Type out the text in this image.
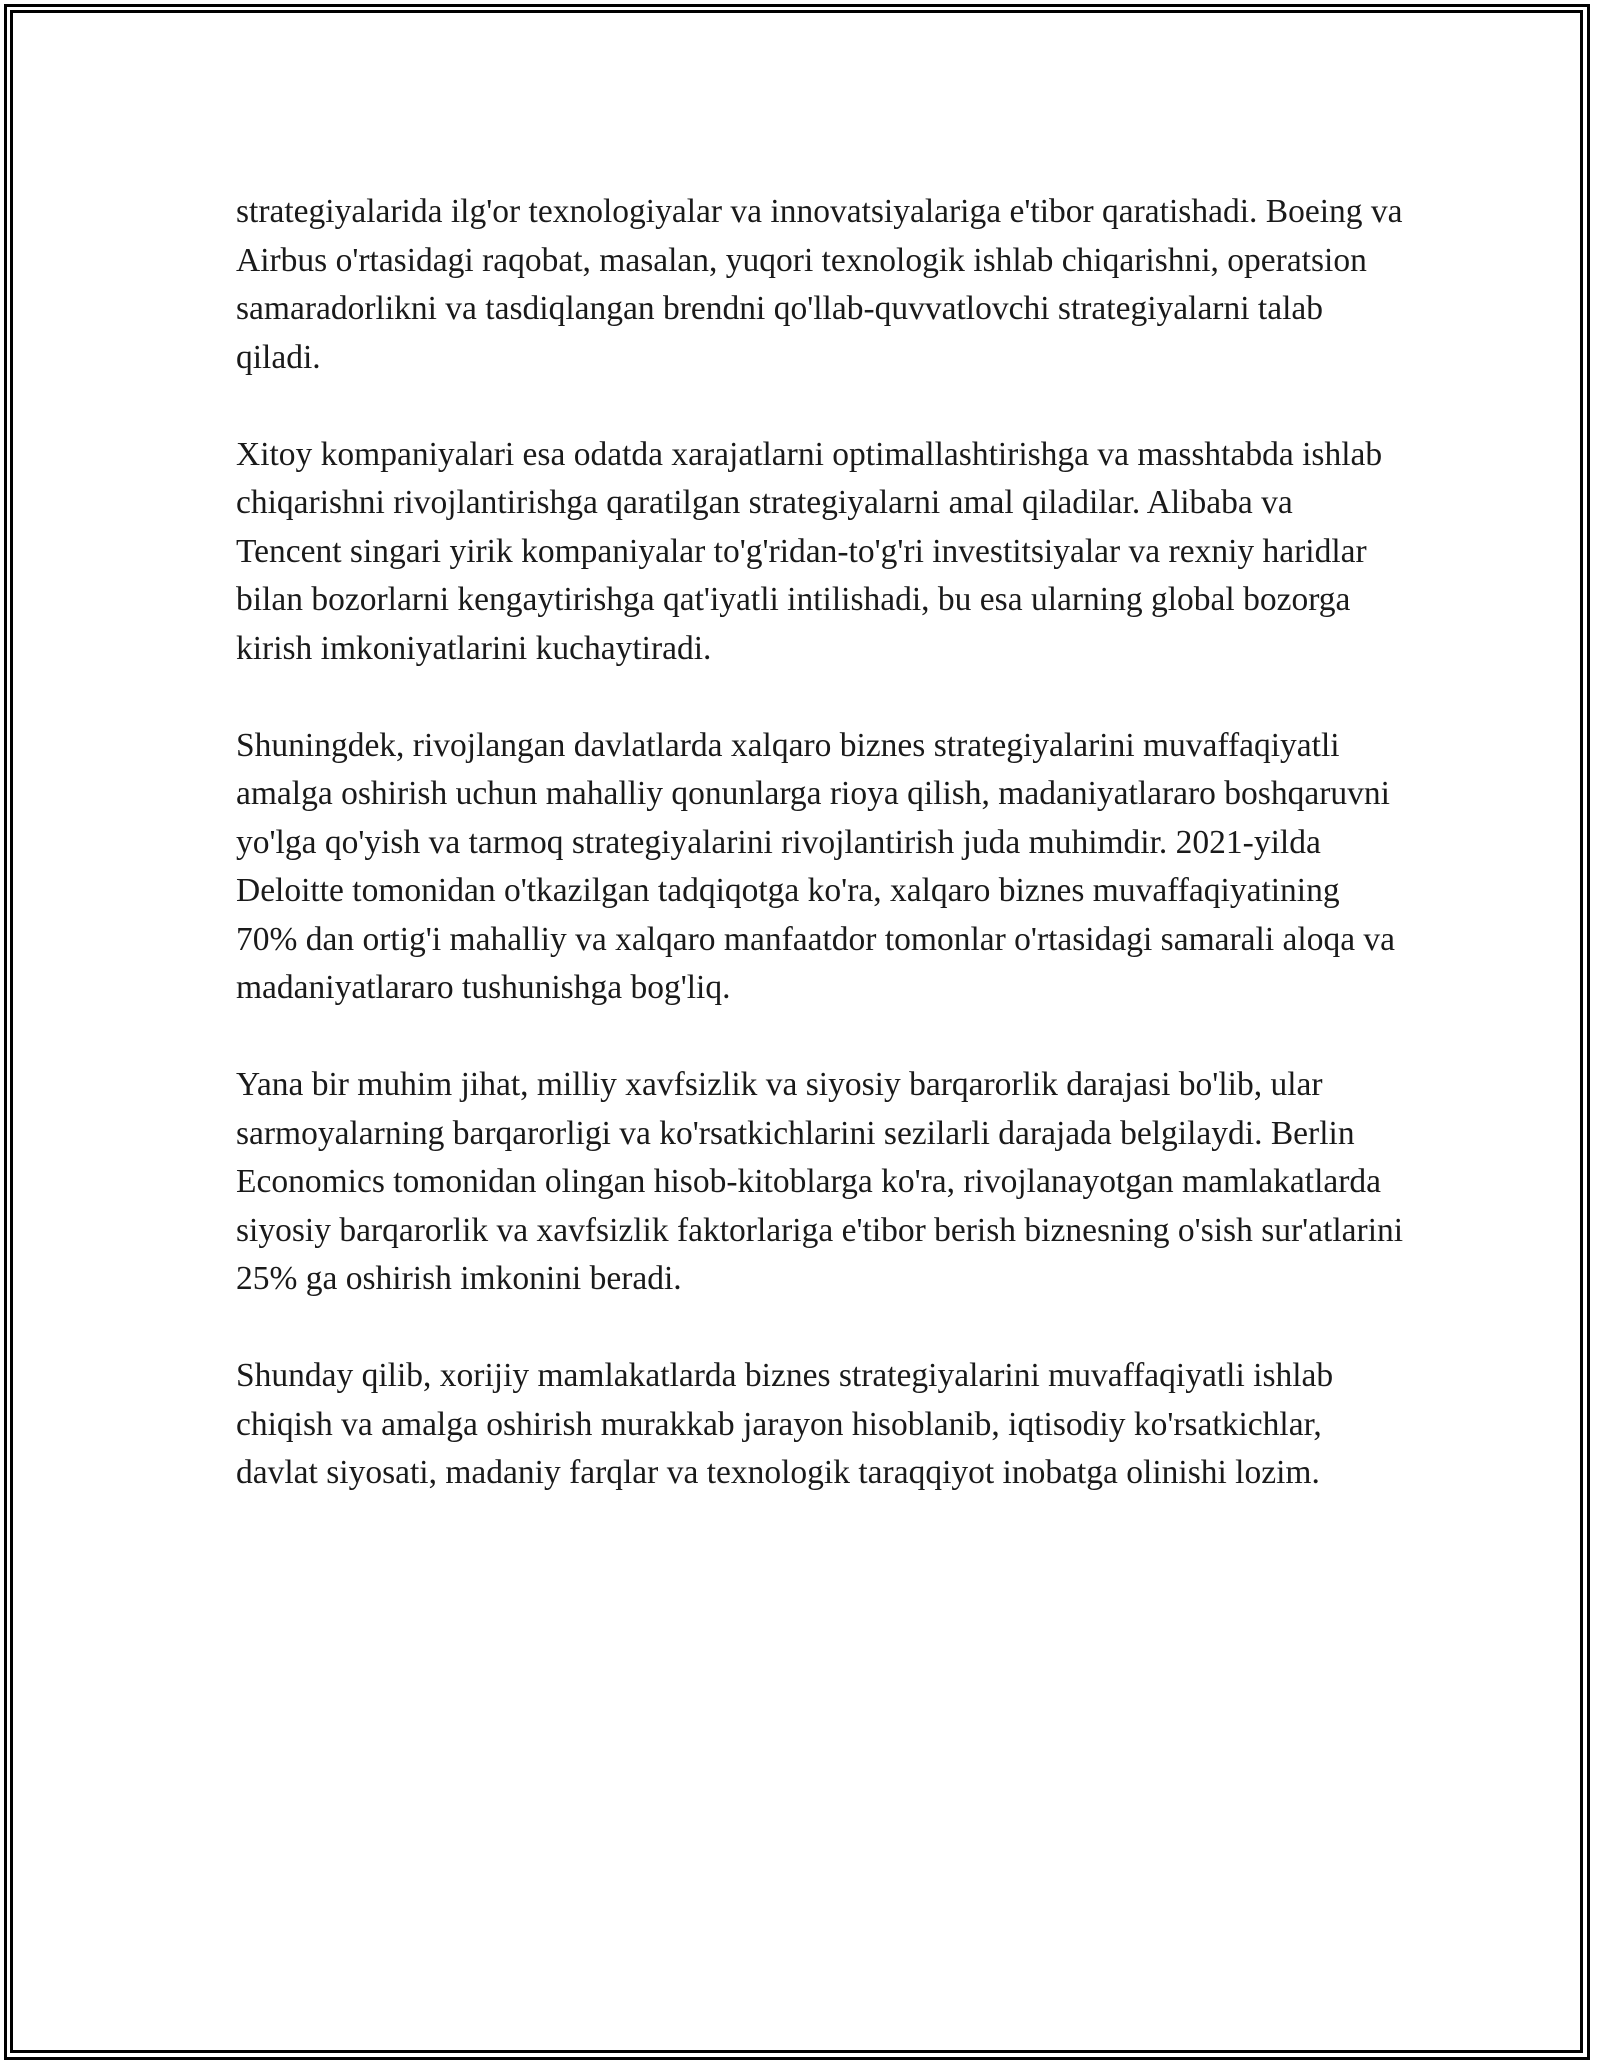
strategiyalarida ilg'or texnologiyalar va innovatsiyalariga e'tibor qaratishadi. Boeing va Airbus o'rtasidagi raqobat, masalan, yuqori texnologik ishlab chiqarishni, operatsion samaradorlikni va tasdiqlangan brendni qo'llab-quvvatlovchi strategiyalarni talab qiladi.

Xitoy kompaniyalari esa odatda xarajatlarni optimallashtirishga va masshtabda ishlab chiqarishni rivojlantirishga qaratilgan strategiyalarni amal qiladilar. Alibaba va Tencent singari yirik kompaniyalar to'g'ridan-to'g'ri investitsiyalar va rexniy haridlar bilan bozorlarni kengaytirishga qat'iyatli intilishadi, bu esa ularning global bozorga kirish imkoniyatlarini kuchaytiradi.

Shuningdek, rivojlangan davlatlarda xalqaro biznes strategiyalarini muvaffaqiyatli amalga oshirish uchun mahalliy qonunlarga rioya qilish, madaniyatlararo boshqaruvni yo'lga qo'yish va tarmoq strategiyalarini rivojlantirish juda muhimdir. 2021-yilda Deloitte tomonidan o'tkazilgan tadqiqotga ko'ra, xalqaro biznes muvaffaqiyatining 70% dan ortig'i mahalliy va xalqaro manfaatdor tomonlar o'rtasidagi samarali aloqa va madaniyatlararo tushunishga bog'liq.

Yana bir muhim jihat, milliy xavfsizlik va siyosiy barqarorlik darajasi bo'lib, ular sarmoyalarning barqarorligi va ko'rsatkichlarini sezilarli darajada belgilaydi. Berlin Economics tomonidan olingan hisob-kitoblarga ko'ra, rivojlanayotgan mamlakatlarda siyosiy barqarorlik va xavfsizlik faktorlariga e'tibor berish biznesning o'sish sur'atlarini 25% ga oshirish imkonini beradi.

Shunday qilib, xorijiy mamlakatlarda biznes strategiyalarini muvaffaqiyatli ishlab chiqish va amalga oshirish murakkab jarayon hisoblanib, iqtisodiy ko'rsatkichlar, davlat siyosati, madaniy farqlar va texnologik taraqqiyot inobatga olinishi lozim.
